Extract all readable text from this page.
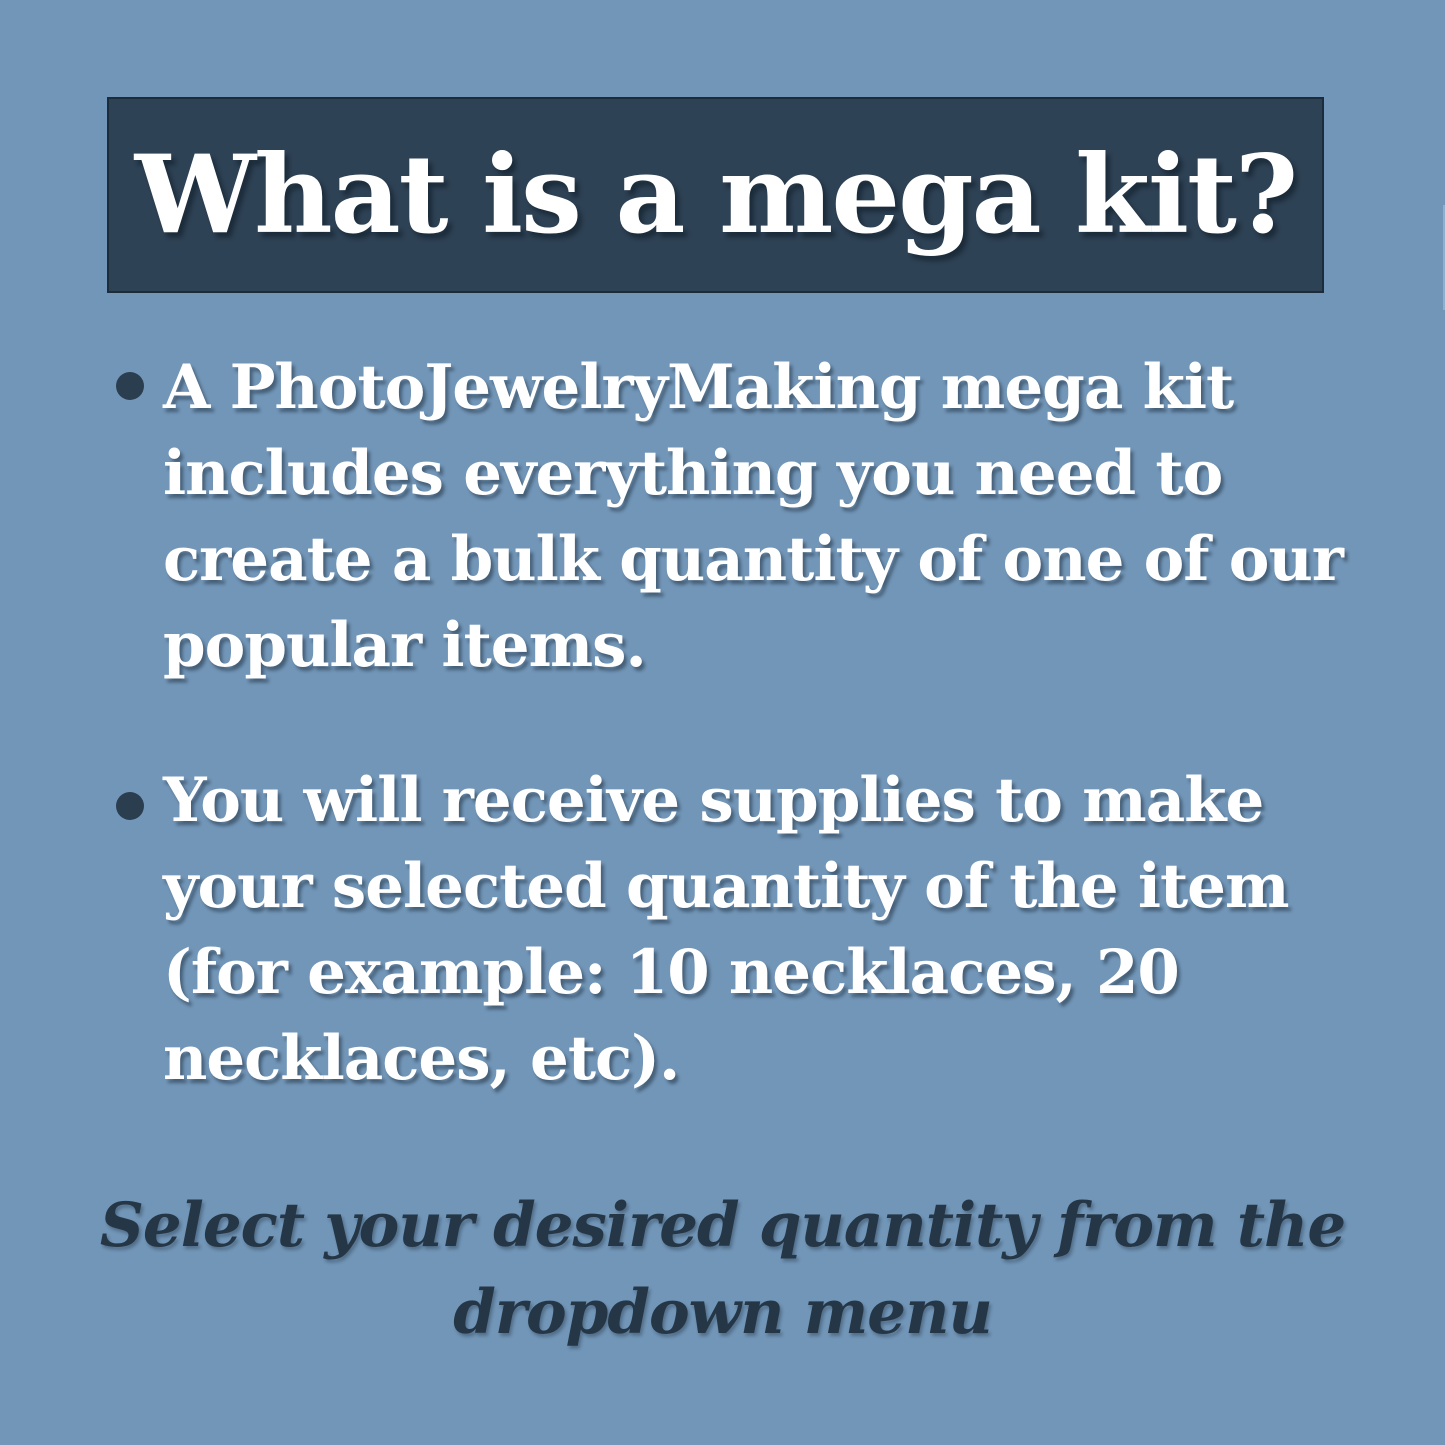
What is a mega kit?
A PhotoJewelryMaking mega kit
includes everything you need to
create a bulk quantity of one of our
popular items.
You will receive supplies to make
your selected quantity of the item
(for example: 10 necklaces, 20
necklaces, etc).
Select your desired quantity from the
dropdown menu
